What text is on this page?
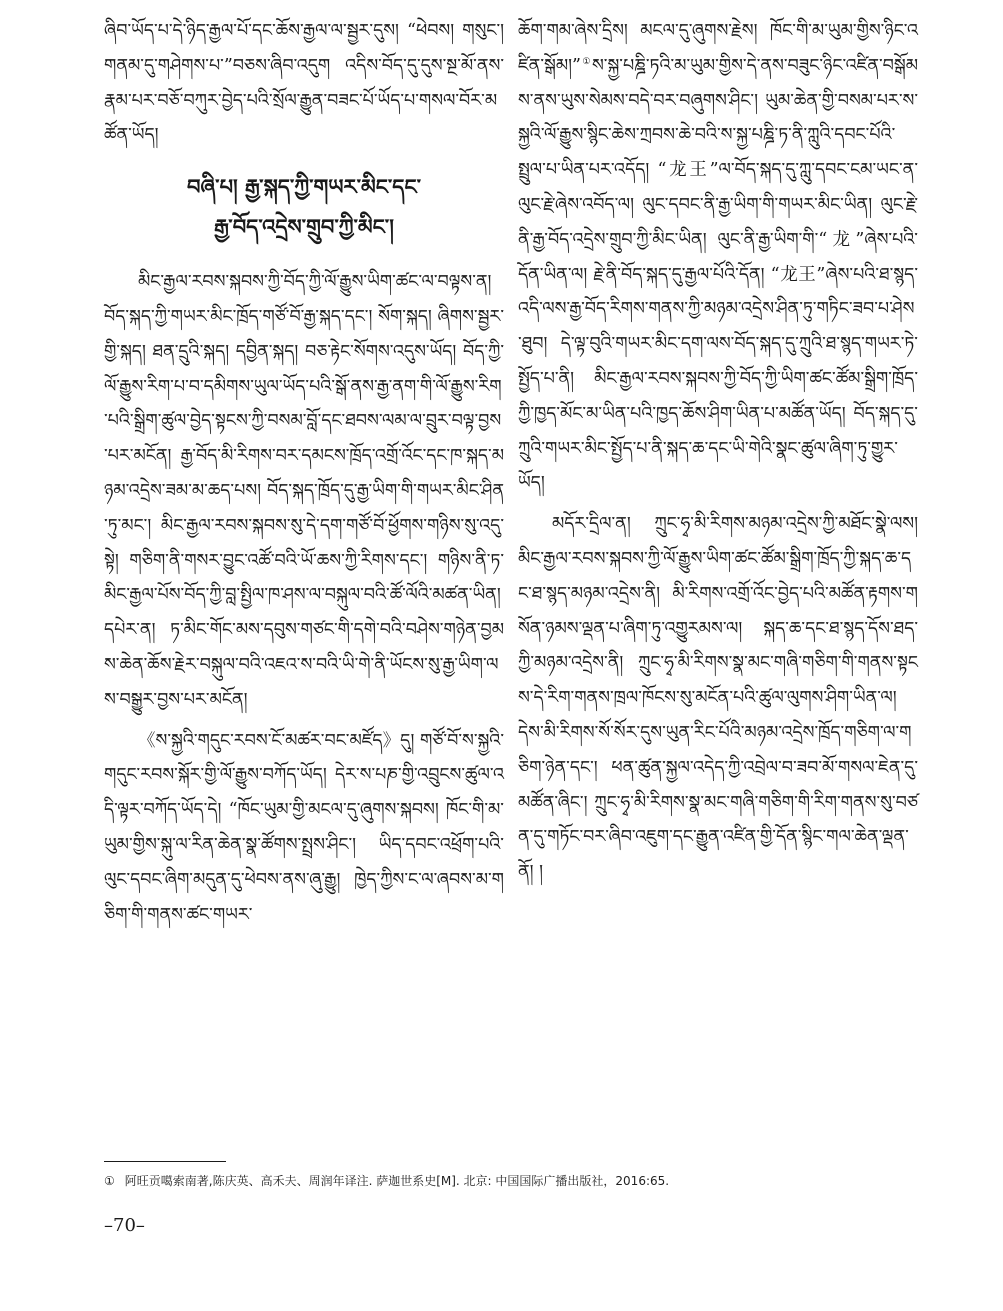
ཞིབ་ཡོད་པ་དེ་ཉིད་རྒྱལ་པོ་དང་ཆོས་རྒྱལ་ལ་སྦྱར་དུས། “ཕེབས། གསུང་། གནམ་དུ་གཤེགས་པ་”བཅས་ཞིབ་འདུག འདིས་བོད་དུ་དུས་སྔ་མོ་ནས་རྣམ་པར་བཅོ་བཀུར་བྱེད་པའི་སྲོལ་རྒྱུན་བཟང་པོ་ཡོད་པ་གསལ་བོར་མཚོན་ཡོད།

བཞི་པ། རྒྱ་སྐད་ཀྱི་གཡར་མིང་དང་
རྒྱ་བོད་འདྲེས་གྲུབ་ཀྱི་མིང་།

མིང་རྒྱལ་རབས་སྐབས་ཀྱི་བོད་ཀྱི་ལོ་རྒྱུས་ཡིག་ཚང་ལ་བལྟས་ན། བོད་སྐད་ཀྱི་གཡར་མིང་ཁྲོད་གཙོ་བོ་རྒྱ་སྐད་དང་། སོག་སྐད། ཞིགས་སྦྱར་གྱི་སྐད། ཐན་དྲུའི་སྐད། དབྱིན་སྐད། བཅ་རྟེང་སོགས་འདུས་ཡོད། བོད་ཀྱི་ལོ་རྒྱུས་རིག་པ་བ་དམིགས་ཡུལ་ཡོད་པའི་སྒོ་ནས་རྒྱ་ནག་གི་ལོ་རྒྱུས་རིག་པའི་སྒྲིག་ཚུལ་བྱེད་སྟངས་ཀྱི་བསམ་བློ་དང་ཐབས་ལམ་ལ་བྲུར་བལྟ་བྱས་པར་མངོན། རྒྱ་བོད་མི་རིགས་བར་དམངས་ཁྲོད་འགྲོ་འོང་དང་ཁ་སྐད་མཉམ་འདྲེས་ཟམ་མ་ཆད་པས། བོད་སྐད་ཁྲོད་དུ་རྒྱ་ཡིག་གི་གཡར་མིང་ཤིན་ཏུ་མང་། མིང་རྒྱལ་རབས་སྐབས་སུ་དེ་དག་གཙོ་བོ་ཕྱོགས་གཉིས་སུ་འདུ་སྟེ། གཅིག་ནི་གསར་བྱུང་འཚོ་བའི་ཡོ་ཆས་ཀྱི་རིགས་དང་། གཉིས་ནི་ཏ་མིང་རྒྱལ་པོས་བོད་ཀྱི་བླ་སྤྱིལ་ཁ་ཤས་ལ་བསྐུལ་བའི་ཚོ་ལོའི་མཚན་ཡིན། དཔེར་ན། ཏ་མིང་གོང་མས་དབུས་གཙང་གི་དགེ་བའི་བཤེས་གཉེན་བྱམས་ཆེན་ཆོས་རྗེར་བསྐུལ་བའི་འཇའ་ས་བའི་ཡི་གེ་ནི་ཡོངས་སུ་རྒྱ་ཡིག་ལས་བསྒྱུར་བྱས་པར་མངོན།

《ས་སྐྱའི་གདུང་རབས་ངོ་མཚར་བང་མཛོད》དུ། གཙོ་བོ་ས་སྐྱའི་གདུང་རབས་སྐོར་གྱི་ལོ་རྒྱུས་བཀོད་ཡོད། དེར་ས་པཎ་གྱི་འབྲུངས་ཚུལ་འདི་ལྟར་བཀོད་ཡོད་དེ། “ཁོང་ཡུམ་གྱི་མངལ་དུ་ཞུགས་སྐབས། ཁོང་གི་མ་ཡུམ་གྱིས་སྐུ་ལ་རིན་ཆེན་སྣ་ཚོགས་སྤྲས་ཤིང་། ཡིད་དབང་འཕྲོག་པའི་ལུང་དབང་ཞིག་མདུན་དུ་ཕེབས་ནས་ཞུ་རྒྱུ། ཁྱེད་ཀྱིས་ང་ལ་ཞབས་མ་གཅིག་གི་གནས་ཚང་གཡར་

ཆོག་གམ་ཞེས་དྲིས། མངལ་དུ་ཞུགས་རྗེས། ཁོང་གི་མ་ཡུམ་གྱིས་ཉིང་འཛིན་སྒོམ།”①ས་སྐྱ་པཎྜི་ཏའི་མ་ཡུམ་གྱིས་དེ་ནས་བཟུང་ཉིང་འཛིན་བསྒོམས་ནས་ཡུས་སེམས་བདེ་བར་བཞུགས་ཤིང་། ཡུམ་ཆེན་གྱི་བསམ་པར་ས་སྐྱའི་ལོ་རྒྱུས་སྙིང་ཆེས་ཀྲབས་ཆེ་བའི་ས་སྐྱ་པཎྜི་ཏ་ནི་ཀླུའི་དབང་པོའི་སྤྲུལ་པ་ཡིན་པར་འདོད། “龙王”ལ་བོད་སྐད་དུ་ཀླུ་དབང་ངམ་ཡང་ན་ལུང་རྗེ་ཞེས་འབོད་ལ། ལུང་དབང་ནི་རྒྱ་ཡིག་གི་གཡར་མིང་ཡིན། ལུང་རྗེ་ནི་རྒྱ་བོད་འདྲེས་གྲུབ་ཀྱི་མིང་ཡིན། ལུང་ནི་རྒྱ་ཡིག་གི་“龙”ཞེས་པའི་དོན་ཡིན་ལ། རྗེ་ནི་བོད་སྐད་དུ་རྒྱལ་པོའི་དོན། “龙王”ཞེས་པའི་ཐ་སྙད་འདི་ལས་རྒྱ་བོད་རིགས་གནས་ཀྱི་མཉམ་འདྲེས་ཤིན་ཏུ་གཏིང་ཟབ་པ་ཤེས་ཐུབ། དེ་ལྟ་བུའི་གཡར་མིང་དག་ལས་བོད་སྐད་དུ་ཀྲུའི་ཐ་སྙད་གཡར་ཏེ་སྤྱོད་པ་ནི། མིང་རྒྱལ་རབས་སྐབས་ཀྱི་བོད་ཀྱི་ཡིག་ཚང་ཚོམ་སྒྲིག་ཁྲོད་ཀྱི་ཁྱད་མོང་མ་ཡིན་པའི་ཁྱད་ཆོས་ཤིག་ཡིན་པ་མཚོན་ཡོད། བོད་སྐད་དུ་ཀྲུའི་གཡར་མིང་སྤྱོད་པ་ནི་སྐད་ཆ་དང་ཡི་གེའི་སྣང་ཚུལ་ཞིག་ཏུ་གྱུར་ཡོད།

མདོར་དྲིལ་ན། ཀྲུང་ཧྭ་མི་རིགས་མཉམ་འདྲེས་ཀྱི་མཐོང་སྣེ་ལས། མིང་རྒྱལ་རབས་སྐབས་ཀྱི་ལོ་རྒྱུས་ཡིག་ཚང་ཚོམ་སྒྲིག་ཁྲོད་ཀྱི་སྐད་ཆ་དང་ཐ་སྙད་མཉམ་འདྲེས་ནི། མི་རིགས་འགྲོ་འོང་བྱེད་པའི་མཚོན་རྟགས་གསོན་ཉམས་ལྡན་པ་ཞིག་ཏུ་འགྱུརམས་ལ། སྐད་ཆ་དང་ཐ་སྙད་དོས་ཐད་ཀྱི་མཉམ་འདྲེས་ནི། ཀྲུང་ཧྭ་མི་རིགས་སྣ་མང་གཞི་གཅིག་གི་གནས་སྟངས་དེ་རིག་གནས་ཁྲལ་ཁོངས་སུ་མངོན་པའི་ཚུལ་ལུགས་ཤིག་ཡིན་ལ། དེས་མི་རིགས་སོ་སོར་དུས་ཡུན་རིང་པོའི་མཉམ་འདྲེས་ཁྲོད་གཅིག་ལ་གཅིག་ཉེན་དང་། ཕན་ཚུན་སྐྱལ་འདེད་ཀྱི་འབྲེལ་བ་ཟབ་མོ་གསལ་ཇེན་དུ་མཚོན་ཞིང་། ཀྲུང་ཧྭ་མི་རིགས་སྣ་མང་གཞི་གཅིག་གི་རིག་གནས་སུ་བཙན་དུ་གཏོང་བར་ཞིབ་འཇུག་དང་རྒྱུན་འཛིན་གྱི་དོན་སྙིང་གལ་ཆེན་ལྡན་ནོ། །

① 阿旺贡噶索南著,陈庆英、高禾夫、周润年译注. 萨迦世系史[M]. 北京: 中国国际广播出版社，2016:65.
–70–
